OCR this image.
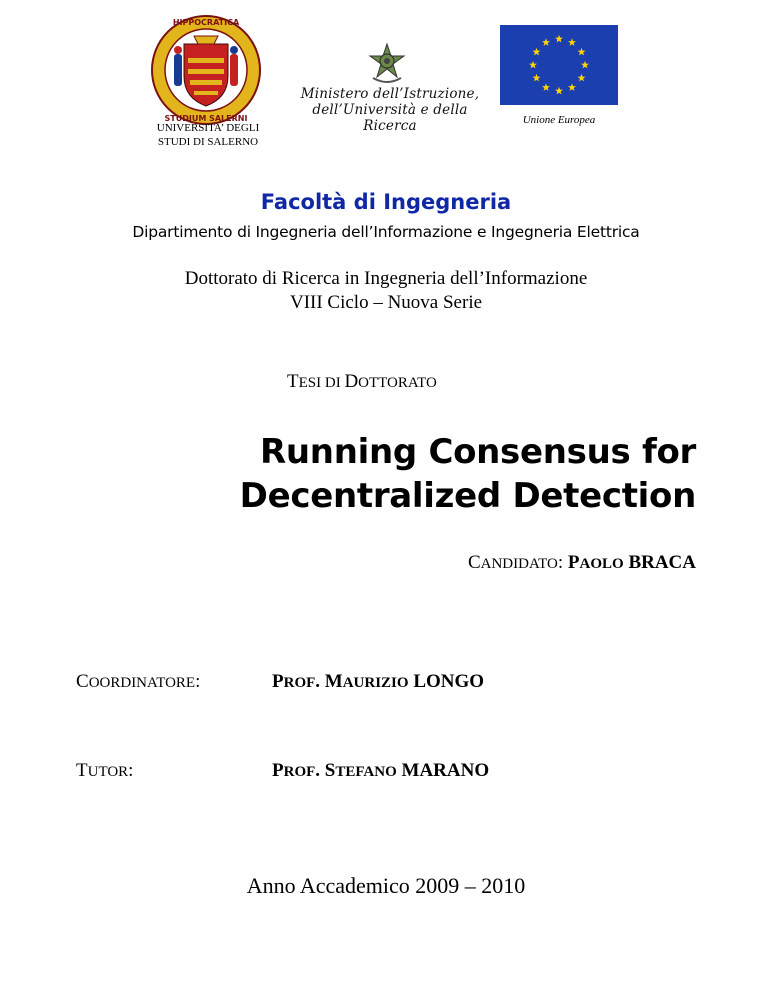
HIPPOCRATICA
STUDIUM SALERNI
UNIVERSITA’ DEGLI
STUDI DI SALERNO
Ministero dell’Istruzione,
dell’Università e della Ricerca	Unione Europea
Facoltà di Ingegneria
Dipartimento di Ingegneria dell’Informazione e Ingegneria Elettrica
Dottorato di Ricerca in Ingegneria dell’Informazione
VIII Ciclo – Nuova Serie
TESI DI DOTTORATO
Running Consensus for
Decentralized Detection
CANDIDATO: PAOLO BRACA
COORDINATORE:	PROF. MAURIZIO LONGO
TUTOR:	PROF. STEFANO MARANO
Anno Accademico 2009 – 2010
